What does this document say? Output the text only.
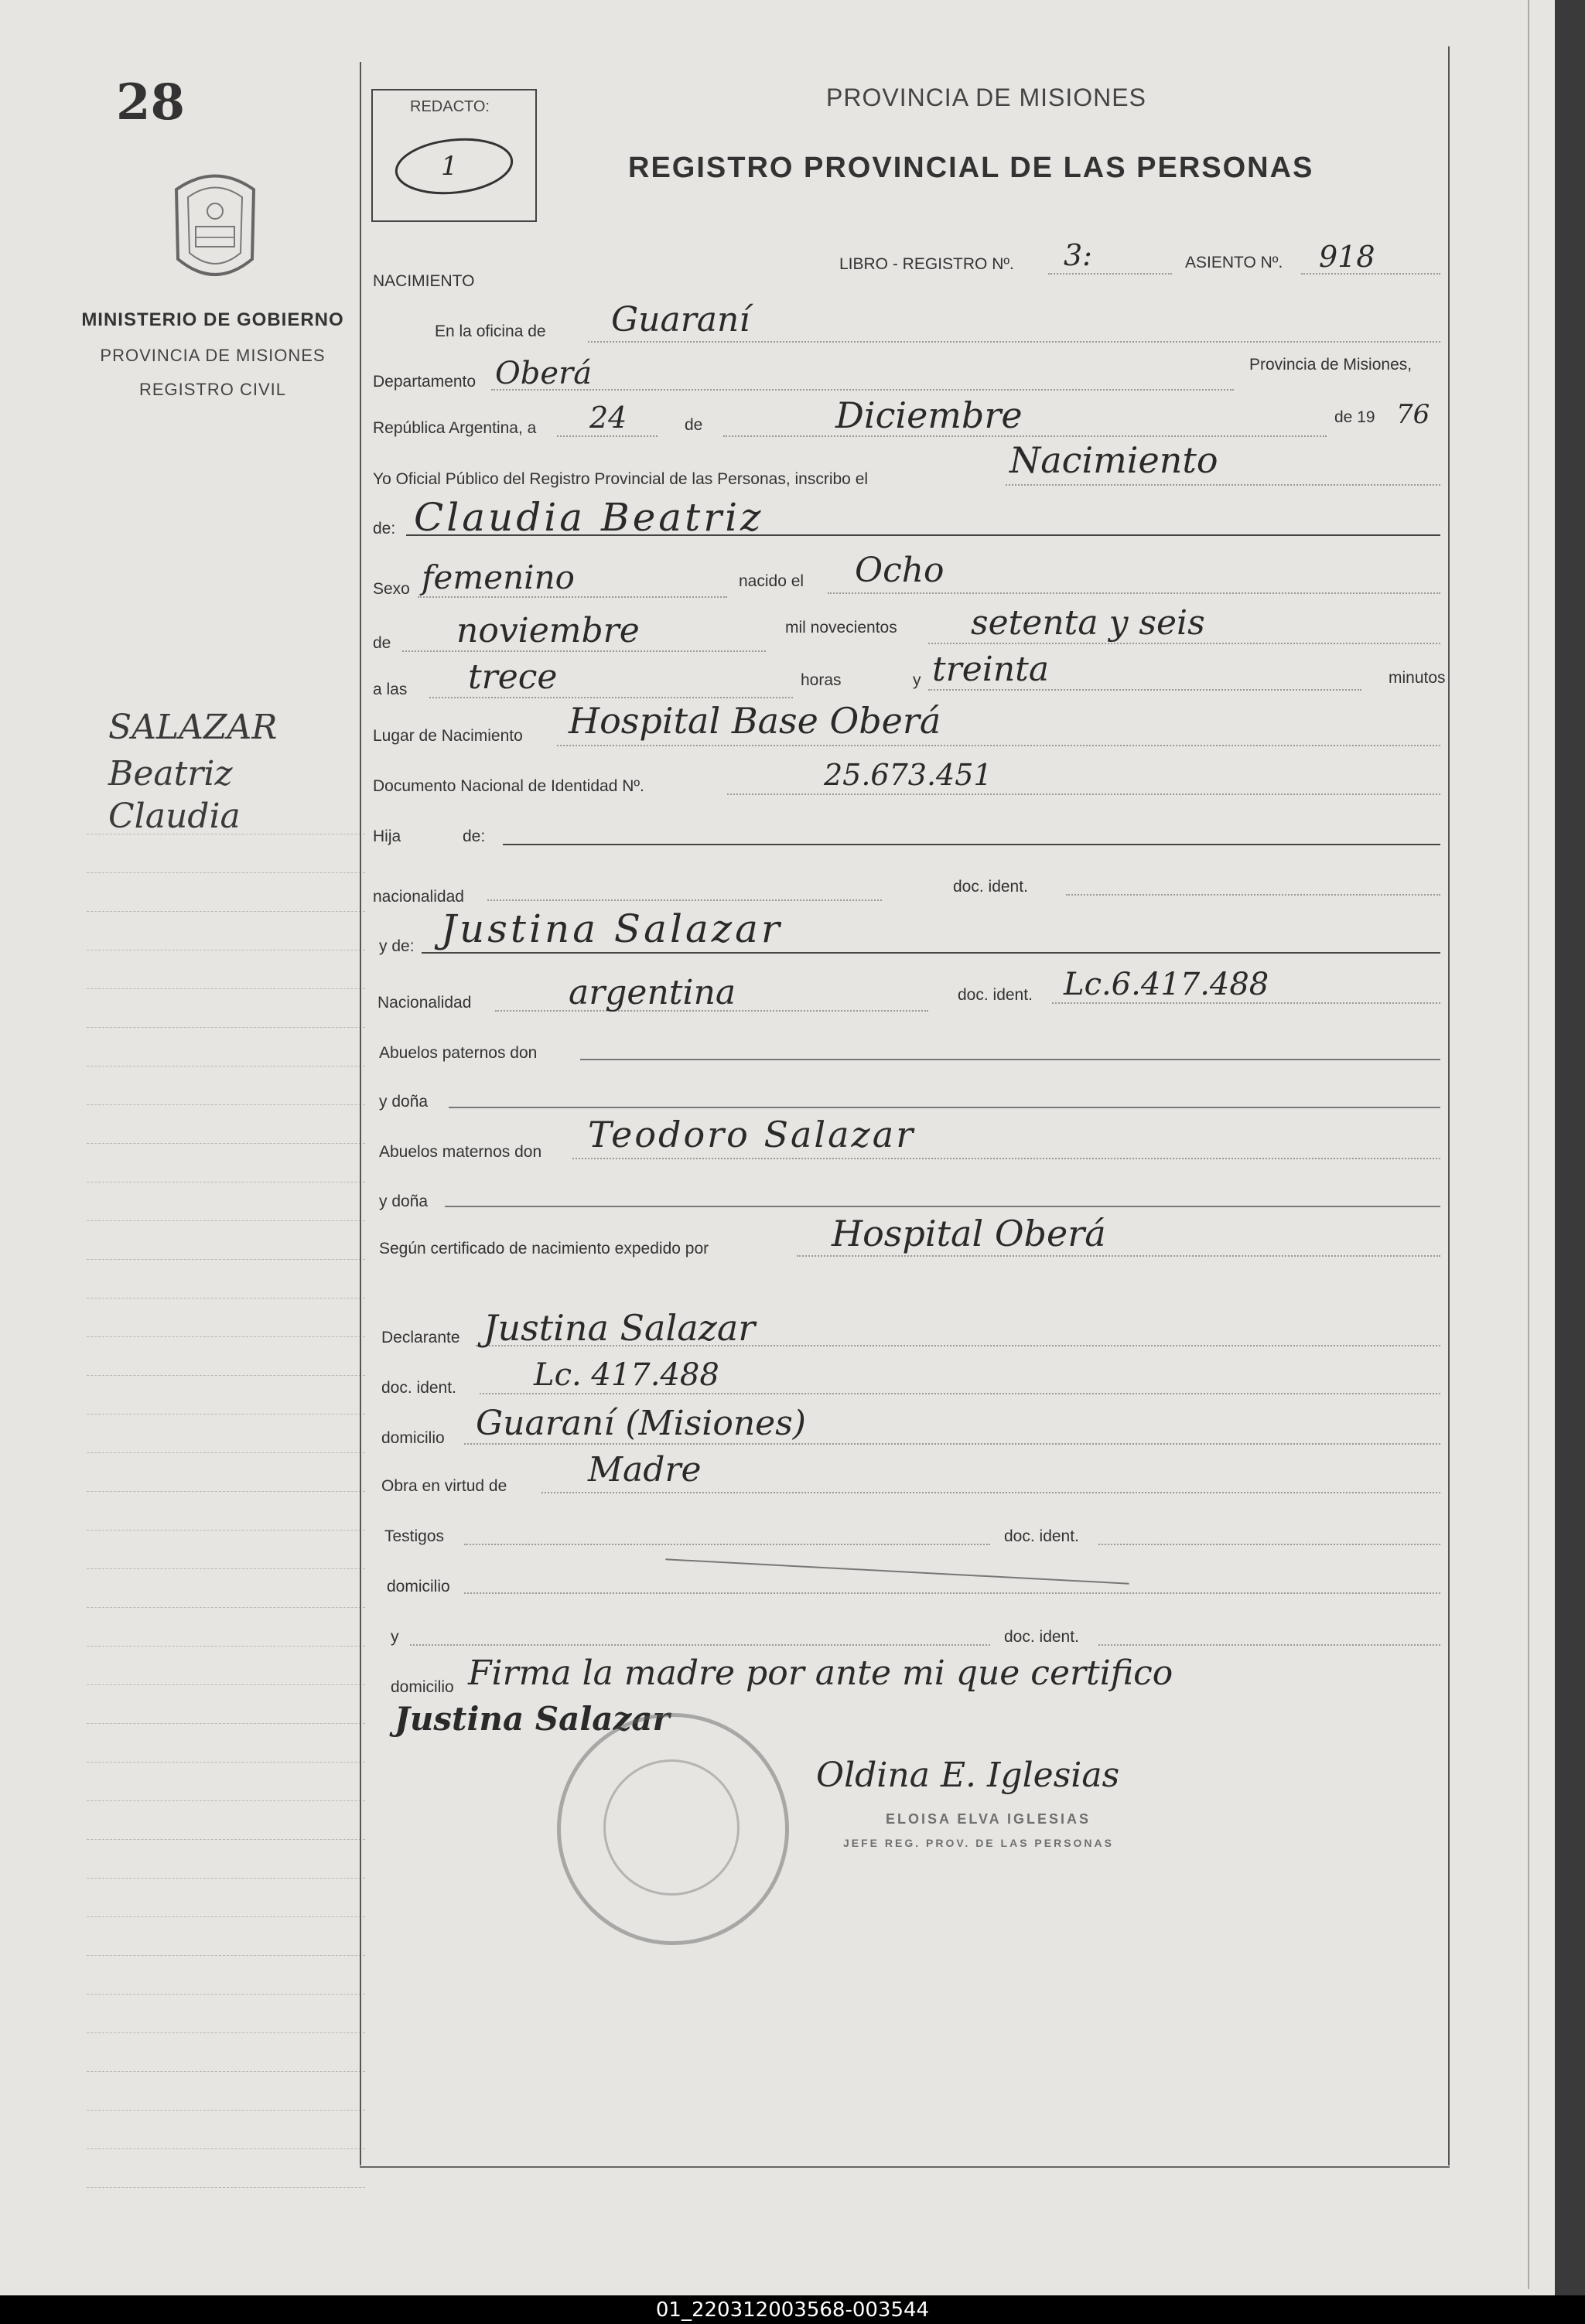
28
MINISTERIO DE GOBIERNO
PROVINCIA DE MISIONES
REGISTRO CIVIL
SALAZAR
Beatriz
Claudia
REDACTO:
1
PROVINCIA DE MISIONES
REGISTRO PROVINCIAL DE LAS PERSONAS
NACIMIENTO
LIBRO - REGISTRO Nº. 3:	ASIENTO Nº. 918
En la oficina de Guaraní
Departamento Oberá	Provincia de Misiones,
República Argentina, a 24	de	Diciembre	de 19 76
Yo Oficial Público del Registro Provincial de las Personas, inscribo el	Nacimiento
de: Claudia Beatriz
Sexo femenino	nacido el Ocho
de noviembre	mil novecientos setenta y seis
a las trece	horas	y treinta	minutos
Lugar de Nacimiento Hospital Base Oberá
Documento Nacional de Identidad Nº.	25.673.451
Hija	de:
nacionalidad
doc. ident.
y de: Justina Salazar
Nacionalidad	argentina	doc. ident. Lc.6.417.488
Abuelos paternos don
y doña
Abuelos maternos don Teodoro Salazar
y doña
Según certificado de nacimiento expedido por	Hospital Oberá
Declarante Justina Salazar
doc. ident.	Lc. 417.488
domicilio Guaraní (Misiones)
Obra en virtud de Madre
Testigos	doc. ident.
domicilio
y	doc. ident.
domicilio Firma la madre por ante mi que certifico
Justina Salazar
Oldina E. Iglesias
ELOISA ELVA IGLESIAS
JEFE REG. PROV. DE LAS PERSONAS
01_220312003568-003544
